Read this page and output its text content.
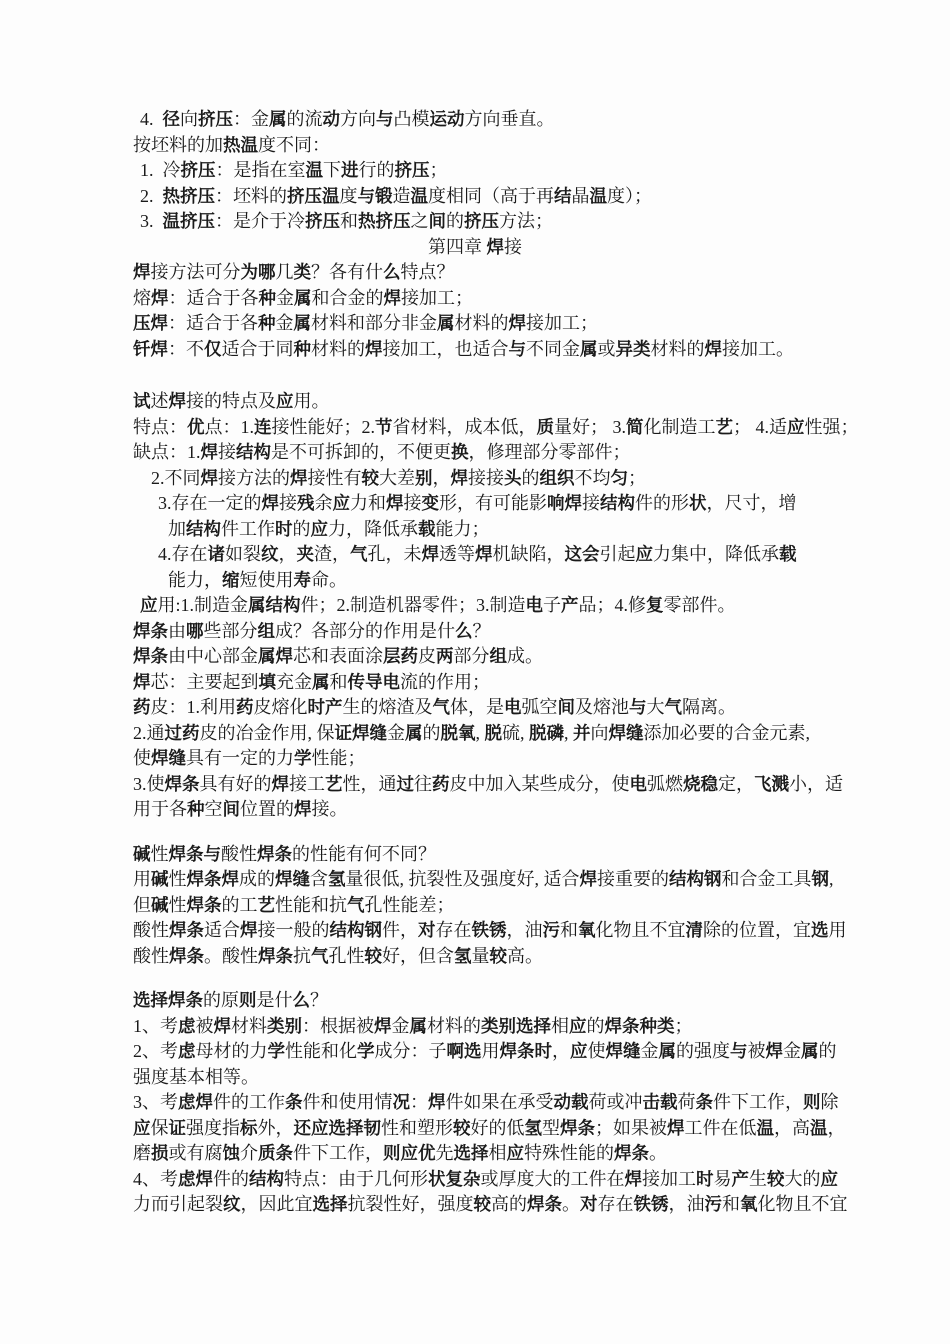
4.  径向挤压：金属的流动方向与凸模运动方向垂直。
按坯料的加热温度不同：
1.  冷挤压：是指在室温下进行的挤压；
2.  热挤压：坯料的挤压温度与锻造温度相同（高于再结晶温度）；
3.  温挤压：是介于冷挤压和热挤压之间的挤压方法；
第四章 焊接
焊接方法可分为哪几类？各有什么特点？
熔焊：适合于各种金属和合金的焊接加工；
压焊：适合于各种金属材料和部分非金属材料的焊接加工；
钎焊：不仅适合于同种材料的焊接加工，也适合与不同金属或异类材料的焊接加工。
试述焊接的特点及应用。
特点：优点：1.连接性能好；2.节省材料，成本低，质量好； 3.简化制造工艺； 4.适应性强；
缺点：1.焊接结构是不可拆卸的，不便更换，修理部分零部件；
2.不同焊接方法的焊接性有较大差别，焊接接头的组织不均匀；
3.存在一定的焊接残余应力和焊接变形，有可能影响焊接结构件的形状，尺寸，增
加结构件工作时的应力，降低承载能力；
4.存在诸如裂纹，夹渣，气孔，未焊透等焊机缺陷，这会引起应力集中，降低承载
能力，缩短使用寿命。
应用:1.制造金属结构件；2.制造机器零件；3.制造电子产品；4.修复零部件。
焊条由哪些部分组成？各部分的作用是什么？
焊条由中心部金属焊芯和表面涂层药皮两部分组成。
焊芯：主要起到填充金属和传导电流的作用；
药皮：1.利用药皮熔化时产生的熔渣及气体，是电弧空间及熔池与大气隔离。
2.通过药皮的冶金作用, 保证焊缝金属的脱氧, 脱硫, 脱磷, 并向焊缝添加必要的合金元素,
使焊缝具有一定的力学性能；
3.使焊条具有好的焊接工艺性，通过往药皮中加入某些成分，使电弧燃烧稳定，飞溅小，适
用于各种空间位置的焊接。
碱性焊条与酸性焊条的性能有何不同？
用碱性焊条焊成的焊缝含氢量很低, 抗裂性及强度好, 适合焊接重要的结构钢和合金工具钢,
但碱性焊条的工艺性能和抗气孔性能差；
酸性焊条适合焊接一般的结构钢件，对存在铁锈，油污和氧化物且不宜清除的位置，宜选用
酸性焊条。酸性焊条抗气孔性较好，但含氢量较高。
选择焊条的原则是什么？
1、考虑被焊材料类别：根据被焊金属材料的类别选择相应的焊条种类；
2、考虑母材的力学性能和化学成分：子啊选用焊条时，应使焊缝金属的强度与被焊金属的
强度基本相等。
3、考虑焊件的工作条件和使用情况：焊件如果在承受动载荷或冲击载荷条件下工作，则除
应保证强度指标外，还应选择韧性和塑形较好的低氢型焊条；如果被焊工件在低温，高温，
磨损或有腐蚀介质条件下工作，则应优先选择相应特殊性能的焊条。
4、考虑焊件的结构特点：由于几何形状复杂或厚度大的工件在焊接加工时易产生较大的应
力而引起裂纹，因此宜选择抗裂性好，强度较高的焊条。对存在铁锈，油污和氧化物且不宜
